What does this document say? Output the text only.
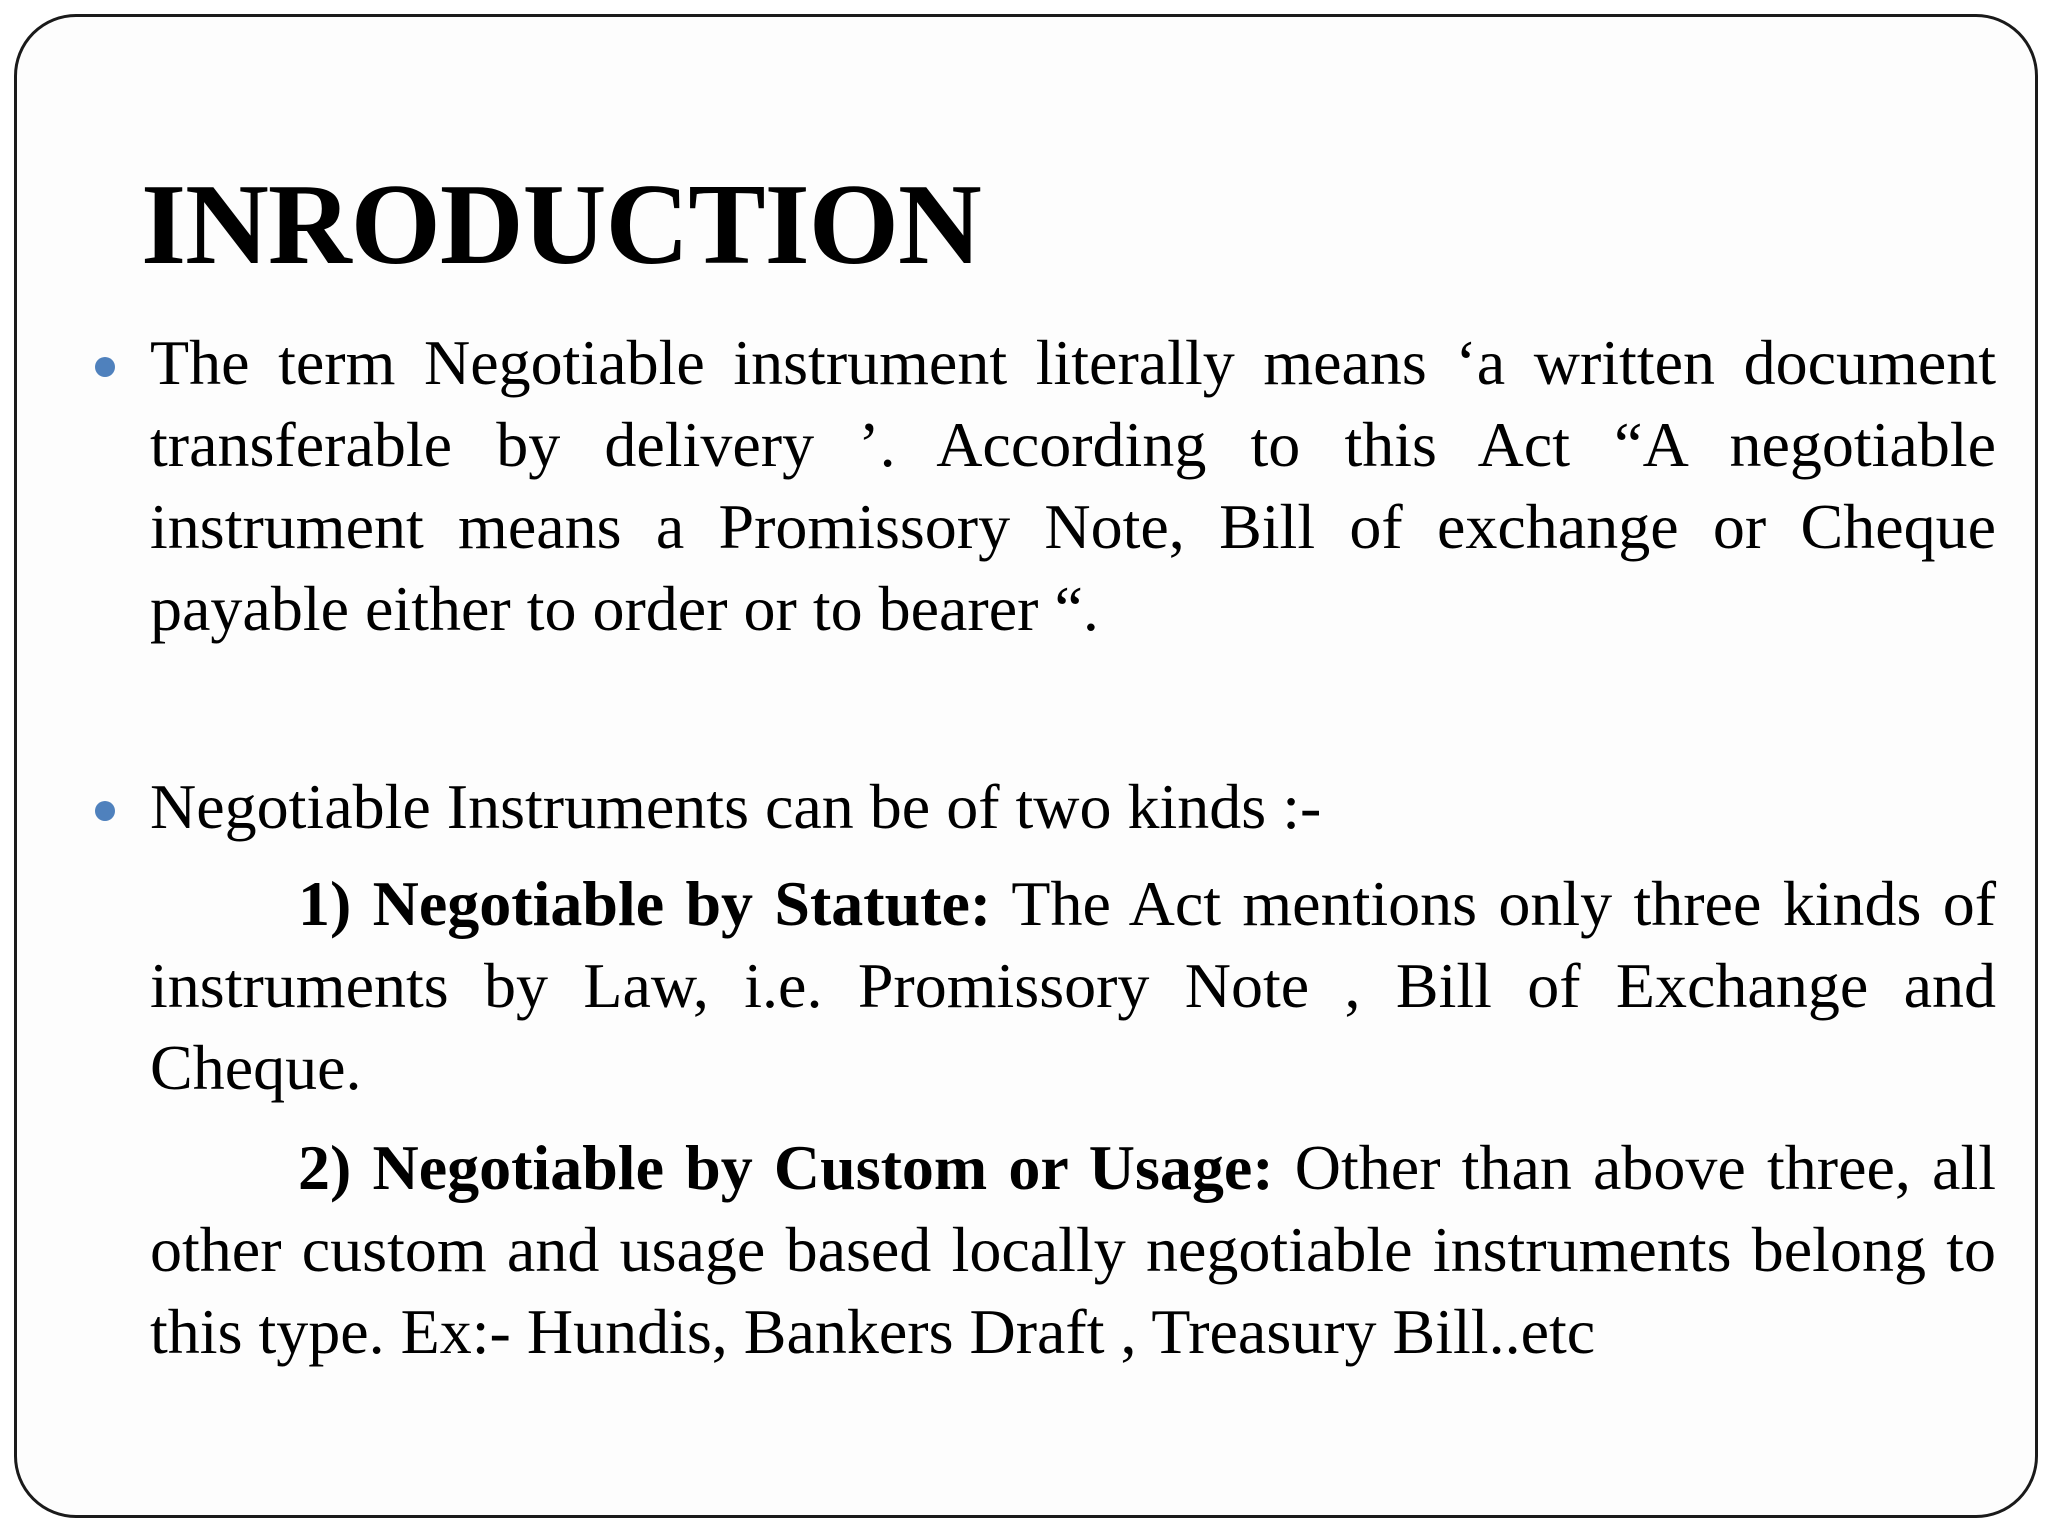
INRODUCTION

The term Negotiable instrument literally means ‘a written document transferable by delivery ’. According to this Act “A negotiable instrument means a Promissory Note, Bill of exchange or Cheque payable either to order or to bearer “.

Negotiable Instruments can be of two kinds :-

1) Negotiable by Statute: The Act mentions only three kinds of instruments by Law, i.e. Promissory Note , Bill of Exchange and Cheque.

2) Negotiable by Custom or Usage: Other than above three, all other custom and usage based locally negotiable instruments belong to this type. Ex:- Hundis, Bankers Draft , Treasury Bill..etc
